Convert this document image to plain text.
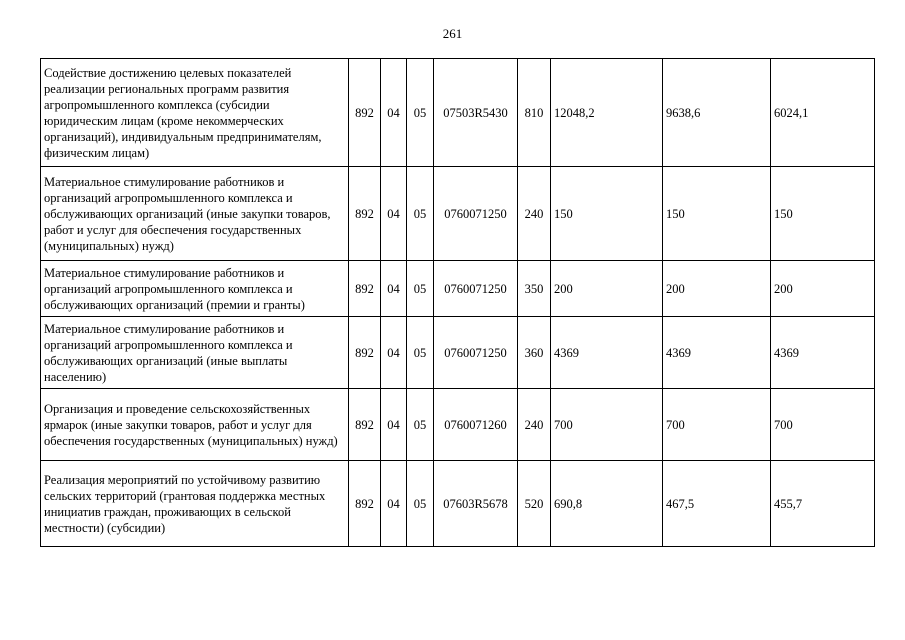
261
Содействие достижению целевых показателей реализации региональных программ развития агропромышленного комплекса (субсидии юридическим лицам (кроме некоммерческих организаций), индивидуальным предпринимателям, физическим лицам)	892	04	05	07503R5430	810	12048,2	9638,6	6024,1
Материальное стимулирование работников и организаций агропромышленного комплекса и обслуживающих организаций (иные закупки товаров, работ и услуг для обеспечения государственных (муниципальных) нужд)	892	04	05	0760071250	240	150	150	150
Материальное стимулирование работников и организаций агропромышленного комплекса и обслуживающих организаций (премии и гранты)	892	04	05	0760071250	350	200	200	200
Материальное стимулирование работников и организаций агропромышленного комплекса и обслуживающих организаций (иные выплаты населению)	892	04	05	0760071250	360	4369	4369	4369
Организация и проведение сельскохозяйственных ярмарок (иные закупки товаров, работ и услуг для обеспечения государственных (муниципальных) нужд)	892	04	05	0760071260	240	700	700	700
Реализация мероприятий по устойчивому развитию сельских территорий (грантовая поддержка местных инициатив граждан, проживающих в сельской местности) (субсидии)	892	04	05	07603R5678	520	690,8	467,5	455,7
